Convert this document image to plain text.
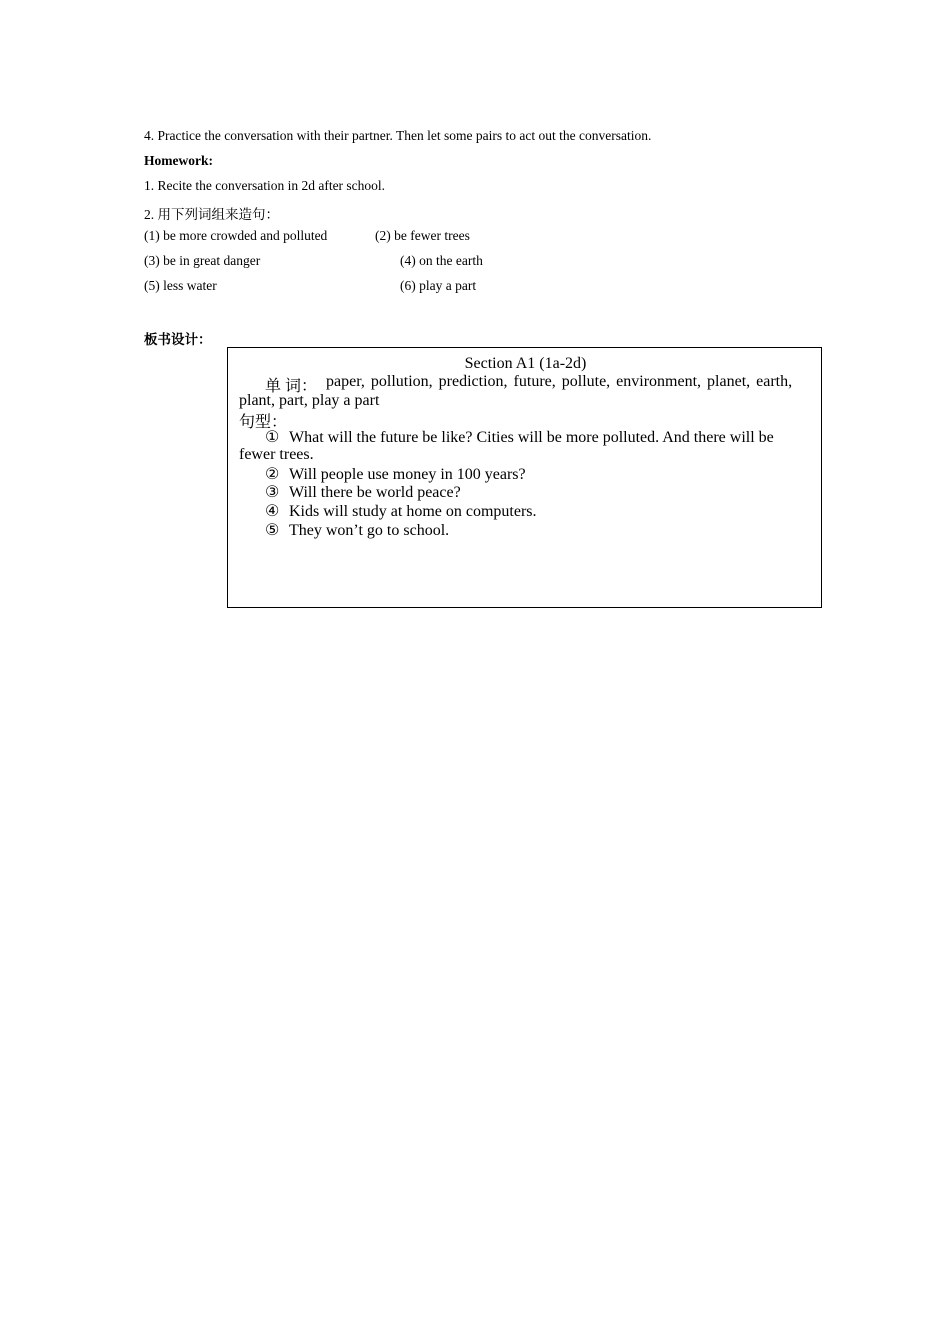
4. Practice the conversation with their partner. Then let some pairs to act out the conversation.
Homework:
1. Recite the conversation in 2d after school.
2. 用下列词组来造句：
(1) be more crowded and polluted	(2) be fewer trees
(3) be in great danger	(4) on the earth
(5) less water	(6) play a part
板书设计：
Section A1 (1a-2d)
单 词： paper, pollution, prediction, future, pollute, environment, planet, earth,
plant, part, play a part
句型：
① What will the future be like? Cities will be more polluted. And there will be
fewer trees.
② Will people use money in 100 years?
③ Will there be world peace?
④ Kids will study at home on computers.
⑤ They won’t go to school.
